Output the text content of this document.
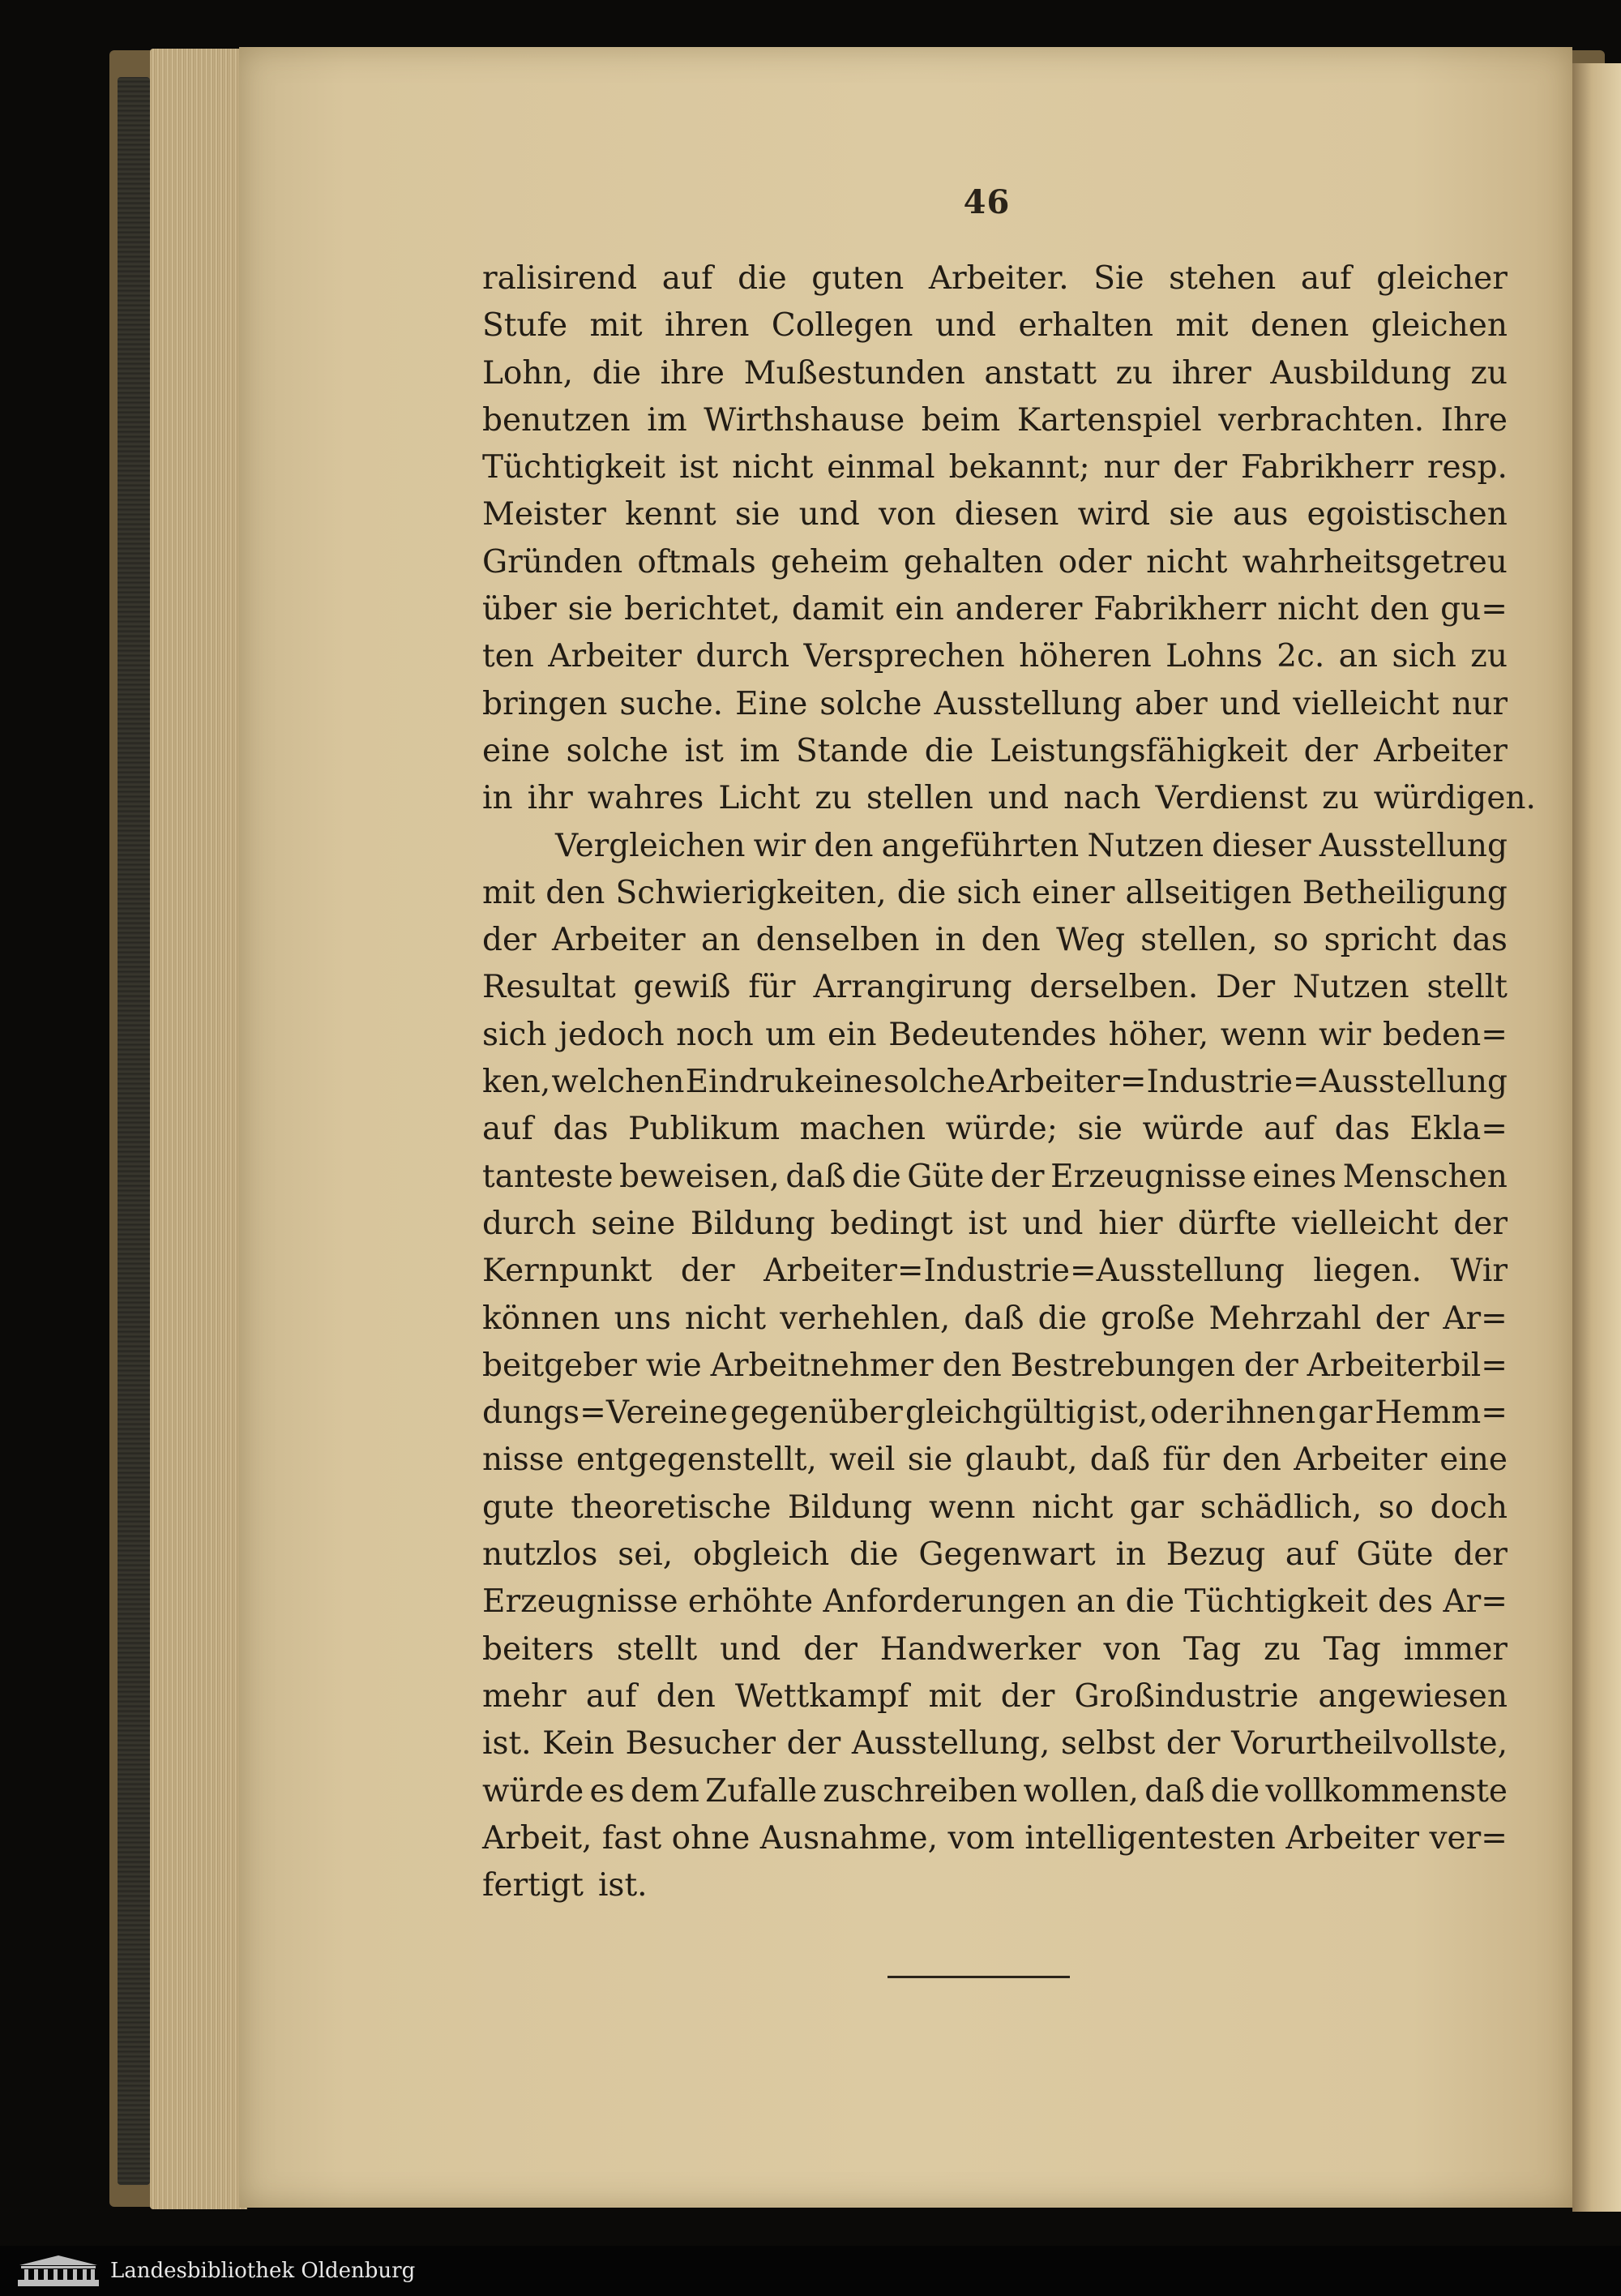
46
ralisirend auf die guten Arbeiter. Sie stehen auf gleicher
Stufe mit ihren Collegen und erhalten mit denen gleichen
Lohn, die ihre Mußestunden anstatt zu ihrer Ausbildung zu
benutzen im Wirthshause beim Kartenspiel verbrachten. Ihre
Tüchtigkeit ist nicht einmal bekannt; nur der Fabrikherr resp.
Meister kennt sie und von diesen wird sie aus egoistischen
Gründen oftmals geheim gehalten oder nicht wahrheitsgetreu
über sie berichtet, damit ein anderer Fabrikherr nicht den gu=
ten Arbeiter durch Versprechen höheren Lohns 2c. an sich zu
bringen suche. Eine solche Ausstellung aber und vielleicht nur
eine solche ist im Stande die Leistungsfähigkeit der Arbeiter
in ihr wahres Licht zu stellen und nach Verdienst zu würdigen.
Vergleichen wir den angeführten Nutzen dieser Ausstellung
mit den Schwierigkeiten, die sich einer allseitigen Betheiligung
der Arbeiter an denselben in den Weg stellen, so spricht das
Resultat gewiß für Arrangirung derselben. Der Nutzen stellt
sich jedoch noch um ein Bedeutendes höher, wenn wir beden=
ken, welchen Eindruk eine solche Arbeiter=Industrie=Ausstellung
auf das Publikum machen würde; sie würde auf das Ekla=
tanteste beweisen, daß die Güte der Erzeugnisse eines Menschen
durch seine Bildung bedingt ist und hier dürfte vielleicht der
Kernpunkt der Arbeiter=Industrie=Ausstellung liegen. Wir
können uns nicht verhehlen, daß die große Mehrzahl der Ar=
beitgeber wie Arbeitnehmer den Bestrebungen der Arbeiterbil=
dungs=Vereine gegenüber gleichgültig ist, oder ihnen gar Hemm=
nisse entgegenstellt, weil sie glaubt, daß für den Arbeiter eine
gute theoretische Bildung wenn nicht gar schädlich, so doch
nutzlos sei, obgleich die Gegenwart in Bezug auf Güte der
Erzeugnisse erhöhte Anforderungen an die Tüchtigkeit des Ar=
beiters stellt und der Handwerker von Tag zu Tag immer
mehr auf den Wettkampf mit der Großindustrie angewiesen
ist. Kein Besucher der Ausstellung, selbst der Vorurtheilvollste,
würde es dem Zufalle zuschreiben wollen, daß die vollkommenste
Arbeit, fast ohne Ausnahme, vom intelligentesten Arbeiter ver=
fertigt ist.
Landesbibliothek Oldenburg
